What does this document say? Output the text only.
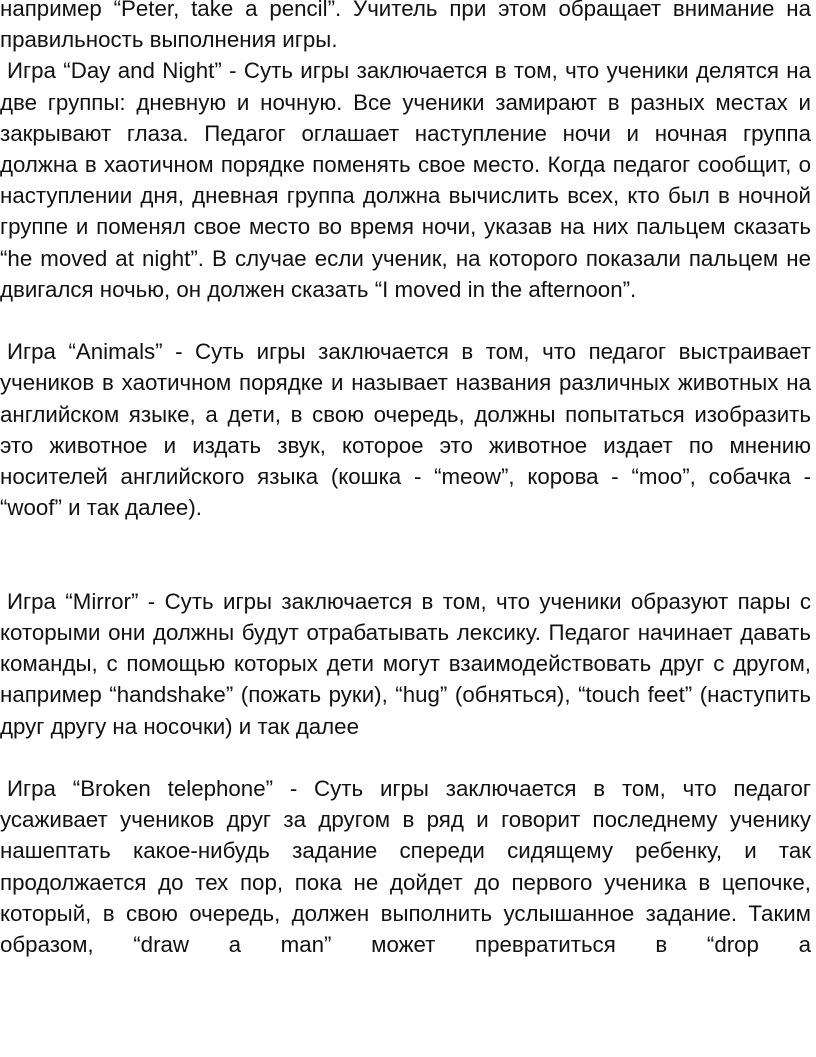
например “Peter, take a pencil”. Учитель при этом обращает внимание на правильность выполнения игры.

Игра “Day and Night” - Суть игры заключается в том, что ученики делятся на две группы: дневную и ночную. Все ученики замирают в разных местах и закрывают глаза. Педагог оглашает наступление ночи и ночная группа должна в хаотичном порядке поменять свое место. Когда педагог сообщит, о наступлении дня, дневная группа должна вычислить всех, кто был в ночной группе и поменял свое место во время ночи, указав на них пальцем сказать “he moved at night”. В случае если ученик, на которого показали пальцем не двигался ночью, он должен сказать “I moved in the afternoon”.

Игра “Animals” - Суть игры заключается в том, что педагог выстраивает учеников в хаотичном порядке и называет названия различных животных на английском языке, а дети, в свою очередь, должны попытаться изобразить это животное и издать звук, которое это животное издает по мнению носителей английского языка (кошка - “meow”, корова - “moo”, собачка - “woof” и так далее).

Игра “Mirror” - Суть игры заключается в том, что ученики образуют пары с которыми они должны будут отрабатывать лексику. Педагог начинает давать команды, с помощью которых дети могут взаимодействовать друг с другом, например “handshake” (пожать руки), “hug” (обняться), “touch feet” (наступить друг другу на носочки) и так далее

Игра “Broken telephone” - Суть игры заключается в том, что педагог усаживает учеников друг за другом в ряд и говорит последнему ученику нашептать какое-нибудь задание спереди сидящему ребенку, и так продолжается до тех пор, пока не дойдет до первого ученика в цепочке, который, в свою очередь, должен выполнить услышанное задание. Таким образом, “draw a man” может превратиться в “drop a
